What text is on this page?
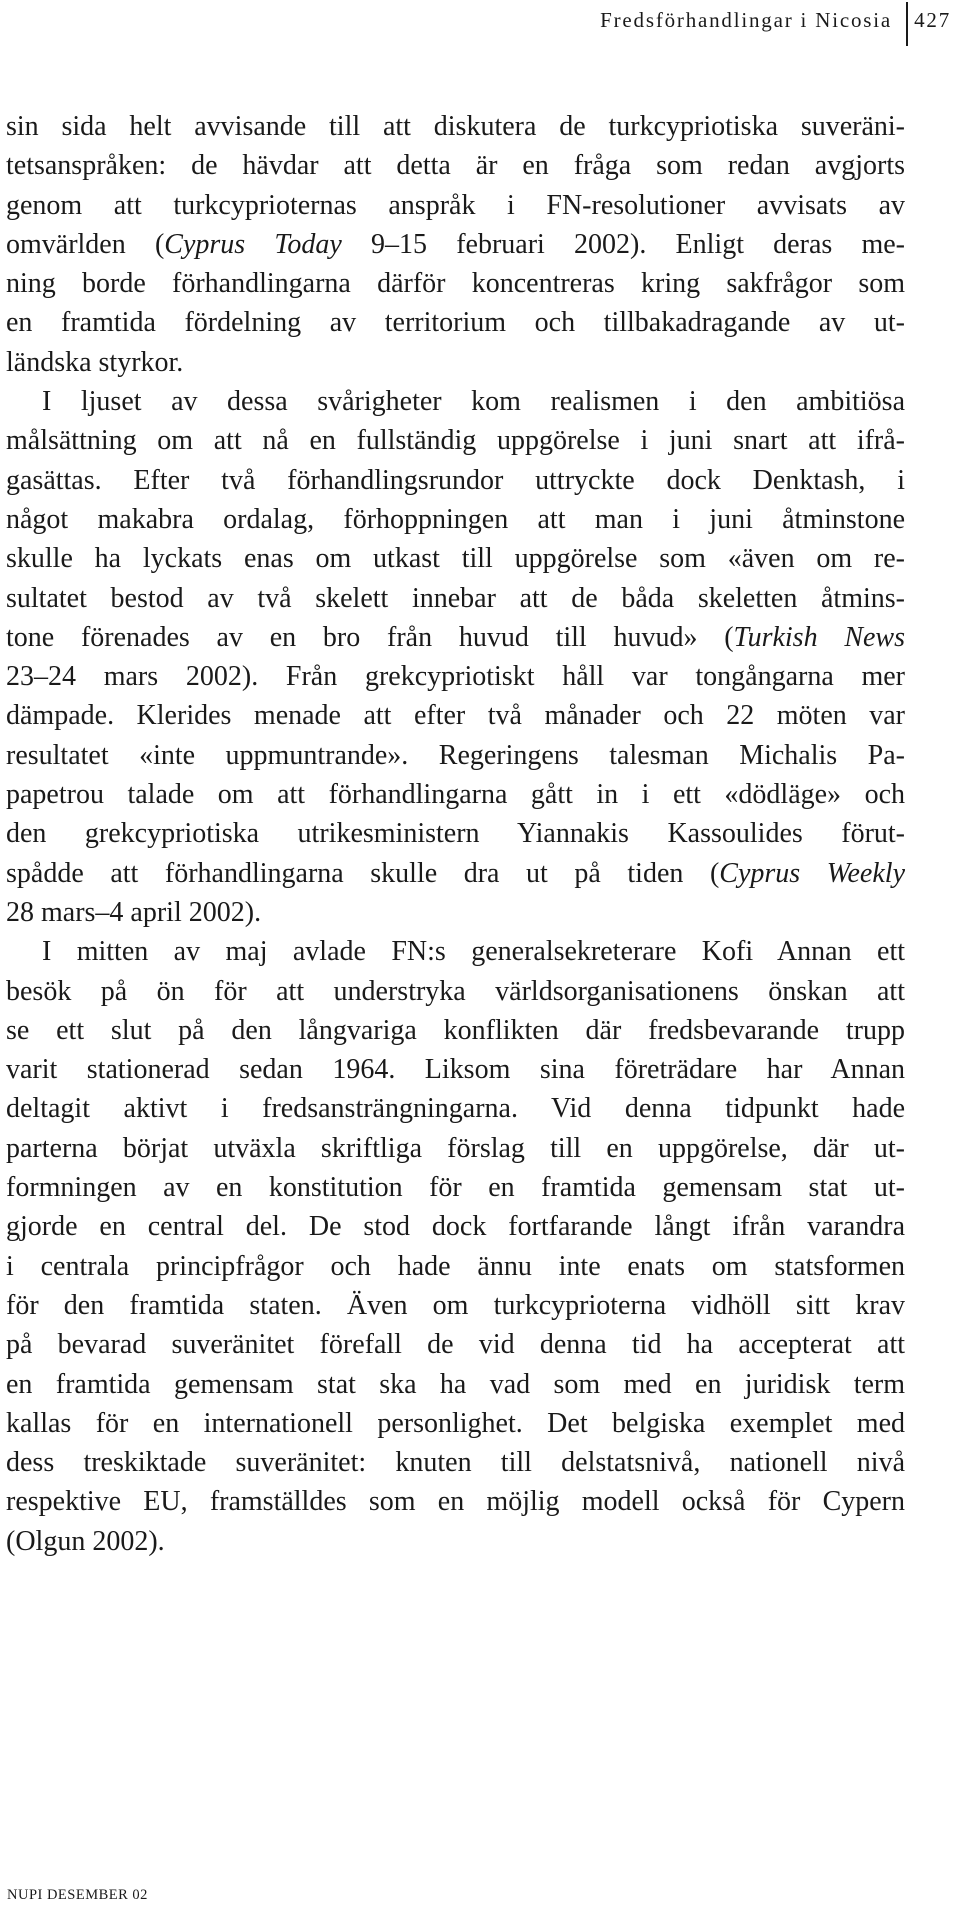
Fredsförhandlingar i Nicosia 427
sin sida helt avvisande till att diskutera de turkcypriotiska suveräni-
tetsanspråken: de hävdar att detta är en fråga som redan avgjorts
genom att turkcyprioternas anspråk i FN-resolutioner avvisats av
omvärlden (Cyprus Today 9–15 februari 2002). Enligt deras me-
ning borde förhandlingarna därför koncentreras kring sakfrågor som
en framtida fördelning av territorium och tillbakadragande av ut-
ländska styrkor.
I ljuset av dessa svårigheter kom realismen i den ambitiösa
målsättning om att nå en fullständig uppgörelse i juni snart att ifrå-
gasättas. Efter två förhandlingsrundor uttryckte dock Denktash, i
något makabra ordalag, förhoppningen att man i juni åtminstone
skulle ha lyckats enas om utkast till uppgörelse som «även om re-
sultatet bestod av två skelett innebar att de båda skeletten åtmins-
tone förenades av en bro från huvud till huvud» (Turkish News
23–24 mars 2002). Från grekcypriotiskt håll var tongångarna mer
dämpade. Klerides menade att efter två månader och 22 möten var
resultatet «inte uppmuntrande». Regeringens talesman Michalis Pa-
papetrou talade om att förhandlingarna gått in i ett «dödläge» och
den grekcypriotiska utrikesministern Yiannakis Kassoulides förut-
spådde att förhandlingarna skulle dra ut på tiden (Cyprus Weekly
28 mars–4 april 2002).
I mitten av maj avlade FN:s generalsekreterare Kofi Annan ett
besök på ön för att understryka världsorganisationens önskan att
se ett slut på den långvariga konflikten där fredsbevarande trupp
varit stationerad sedan 1964. Liksom sina företrädare har Annan
deltagit aktivt i fredsansträngningarna. Vid denna tidpunkt hade
parterna börjat utväxla skriftliga förslag till en uppgörelse, där ut-
formningen av en konstitution för en framtida gemensam stat ut-
gjorde en central del. De stod dock fortfarande långt ifrån varandra
i centrala principfrågor och hade ännu inte enats om statsformen
för den framtida staten. Även om turkcyprioterna vidhöll sitt krav
på bevarad suveränitet förefall de vid denna tid ha accepterat att
en framtida gemensam stat ska ha vad som med en juridisk term
kallas för en internationell personlighet. Det belgiska exemplet med
dess treskiktade suveränitet: knuten till delstatsnivå, nationell nivå
respektive EU, framställdes som en möjlig modell också för Cypern
(Olgun 2002).
NUPI DESEMBER 02
